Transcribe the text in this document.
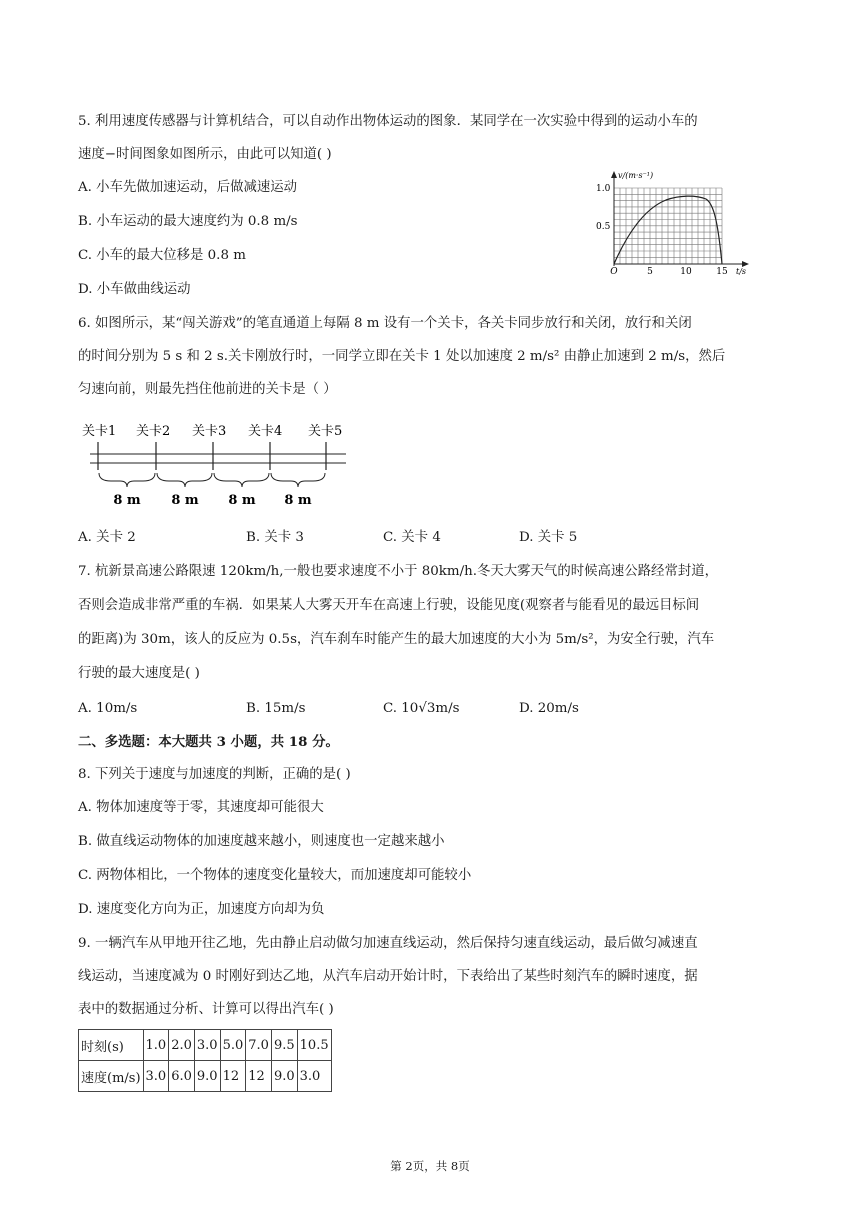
5. 利用速度传感器与计算机结合，可以自动作出物体运动的图象．某同学在一次实验中得到的运动小车的
速度−时间图象如图所示，由此可以知道( )
A. 小车先做加速运动，后做减速运动
B. 小车运动的最大速度约为 0.8 m/s
C. 小车的最大位移是 0.8 m
D. 小车做曲线运动
v/(m·s⁻¹)
1.0
0.5
O	5	10	15 t/s
6. 如图所示，某“闯关游戏”的笔直通道上每隔 8 m 设有一个关卡，各关卡同步放行和关闭，放行和关闭
的时间分别为 5 s 和 2 s.关卡刚放行时，一同学立即在关卡 1 处以加速度 2 m/s² 由静止加速到 2 m/s，然后
匀速向前，则最先挡住他前进的关卡是（ ）
关卡1 关卡2 关卡3 关卡4 关卡5
8 m 8 m 8 m 8 m
A. 关卡 2	B. 关卡 3	C. 关卡 4	D. 关卡 5
7. 杭新景高速公路限速 120km/h,一般也要求速度不小于 80km/h.冬天大雾天气的时候高速公路经常封道，
否则会造成非常严重的车祸．如果某人大雾天开车在高速上行驶，设能见度(观察者与能看见的最远目标间
的距离)为 30m，该人的反应为 0.5s，汽车刹车时能产生的最大加速度的大小为 5m/s²，为安全行驶，汽车
行驶的最大速度是( )
A. 10m/s	B. 15m/s	C. 10√3m/s	D. 20m/s
二、多选题：本大题共 3 小题，共 18 分。
8. 下列关于速度与加速度的判断，正确的是( )
A. 物体加速度等于零，其速度却可能很大
B. 做直线运动物体的加速度越来越小，则速度也一定越来越小
C. 两物体相比，一个物体的速度变化量较大，而加速度却可能较小
D. 速度变化方向为正，加速度方向却为负
9. 一辆汽车从甲地开往乙地，先由静止启动做匀加速直线运动，然后保持匀速直线运动，最后做匀减速直
线运动，当速度减为 0 时刚好到达乙地，从汽车启动开始计时，下表给出了某些时刻汽车的瞬时速度，据
表中的数据通过分析、计算可以得出汽车( )
时刻(s)	1.0	2.0	3.0	5.0	7.0	9.5	10.5
速度(m/s)	3.0	6.0	9.0	12	12	9.0	3.0
第 2页，共 8页
